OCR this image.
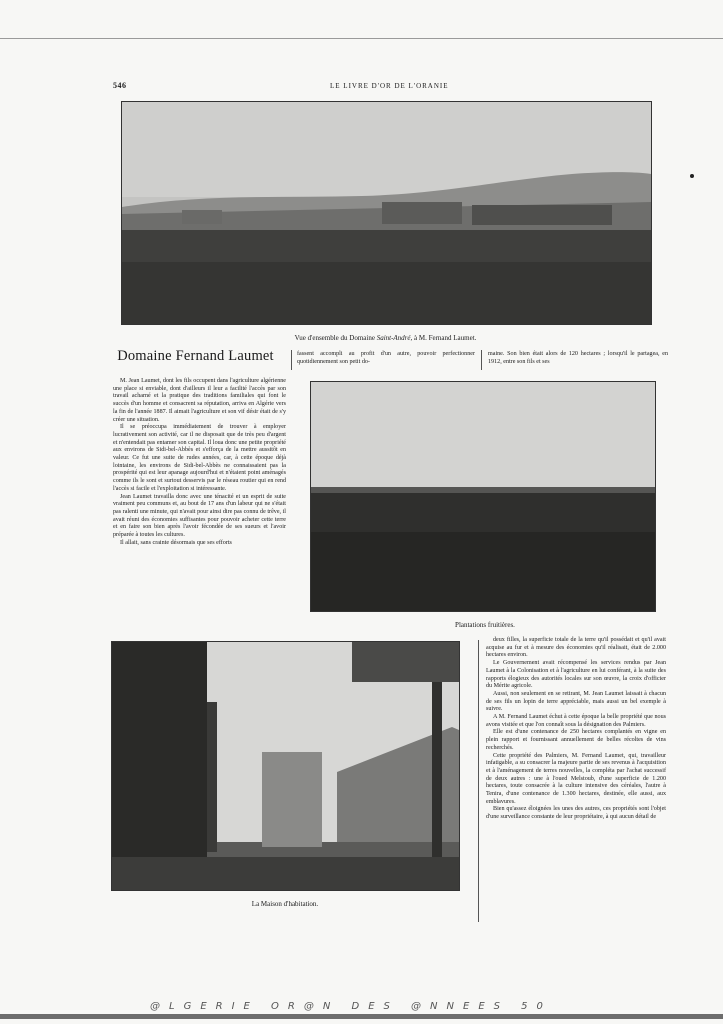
546	LE LIVRE D'OR DE L'ORANIE
Vue d'ensemble du Domaine Saint-André, à M. Fernand Laumet.
Domaine Fernand Laumet

M. Jean Laumet, dont les fils occupent dans l'agriculture algérienne une place si enviable, dont d'ailleurs il leur a facilité l'accès par son travail acharné et la pratique des traditions familiales qui font le succès d'un homme et consacrent sa réputation, arriva en Algérie vers la fin de l'année 1887. Il aimait l'agriculture et son vif désir était de s'y créer une situation.

Il se préoccupa immédiatement de trouver à employer lucrativement son activité, car il ne disposait que de très peu d'argent et n'entendait pas entamer son capital. Il loua donc une petite propriété aux environs de Sidi-bel-Abbès et s'efforça de la mettre aussitôt en valeur. Ce fut une suite de rudes années, car, à cette époque déjà lointaine, les environs de Sidi-bel-Abbès ne connaissaient pas la prospérité qui est leur apanage aujourd'hui et n'étaient point aménagés comme ils le sont et surtout desservis par le réseau routier qui en rend l'accès si facile et l'exploitation si intéressante.

Jean Laumet travailla donc avec une ténacité et un esprit de suite vraiment peu communs et, au bout de 17 ans d'un labeur qui ne s'était pas ralenti une minute, qui n'avait pour ainsi dire pas connu de trêve, il avait réuni des économies suffisantes pour pouvoir acheter cette terre et en faire son bien après l'avoir fécondée de ses sueurs et l'avoir préparée à toutes les cultures.

Il allait, sans crainte désormais que ses efforts

fassent accompli au profit d'un autre, pouvoir perfectionner quotidiennement son petit do-
maine. Son bien était alors de 120 hectares ; lorsqu'il le partagea, en 1912, entre son fils et ses
Plantations fruitières.
La Maison d'habitation.

deux filles, la superficie totale de la terre qu'il possédait et qu'il avait acquise au fur et à mesure des économies qu'il réalisait, était de 2.000 hectares environ.

Le Gouvernement avait récompensé les services rendus par Jean Laumet à la Colonisation et à l'agriculture en lui conférant, à la suite des rapports élogieux des autorités locales sur son œuvre, la croix d'officier du Mérite agricole.

Aussi, non seulement en se retirant, M. Jean Laumet laissait à chacun de ses fils un lopin de terre appréciable, mais aussi un bel exemple à suivre.

A M. Fernand Laumet échut à cette époque la belle propriété que nous avons visitée et que l'on connaît sous la désignation des Palmiers.

Elle est d'une contenance de 250 hectares complantés en vigne en plein rapport et fournissant annuellement de belles récoltes de vins recherchés.

Cette propriété des Palmiers, M. Fernand Laumet, qui, travailleur infatigable, a su consacrer la majeure partie de ses revenus à l'acquisition et à l'aménagement de terres nouvelles, la compléta par l'achat successif de deux autres : une à l'oued Melstoub, d'une superficie de 1.200 hectares, toute consacrée à la culture intensive des céréales, l'autre à Tenira, d'une contenance de 1.300 hectares, destinée, elle aussi, aux emblavures.

Bien qu'assez éloignées les unes des autres, ces propriétés sont l'objet d'une surveillance constante de leur propriétaire, à qui aucun détail de

@LGERIE OR@N DES @NNEES 50
